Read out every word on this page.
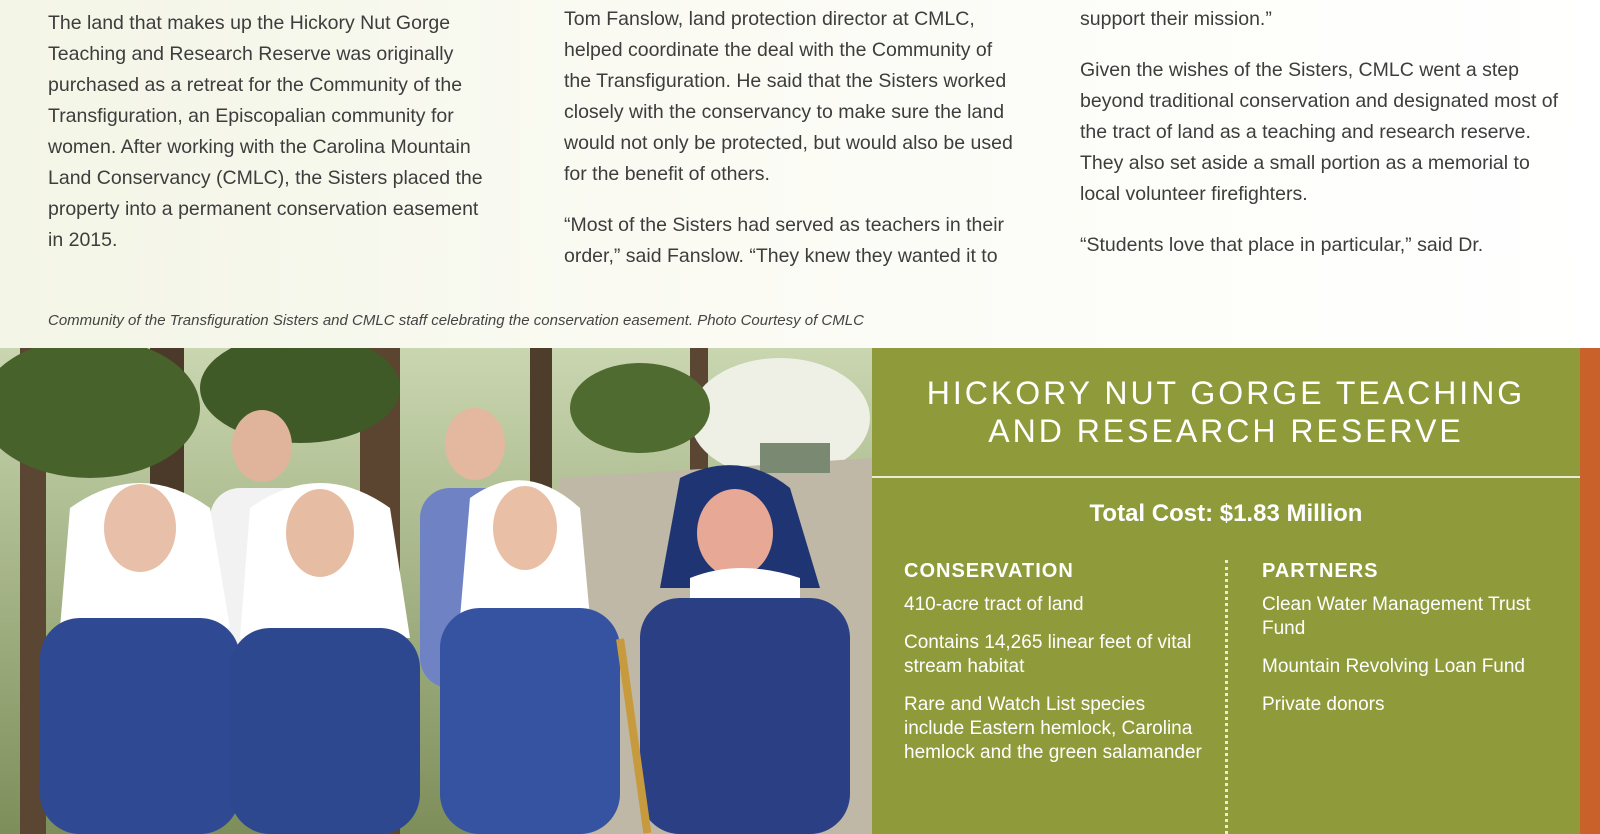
The land that makes up the Hickory Nut Gorge Teaching and Research Reserve was originally purchased as a retreat for the Community of the Transfiguration, an Episcopalian community for women. After working with the Carolina Mountain Land Conservancy (CMLC), the Sisters placed the property into a permanent conservation easement in 2015.

Tom Fanslow, land protection director at CMLC, helped coordinate the deal with the Community of the Transfiguration. He said that the Sisters worked closely with the conservancy to make sure the land would not only be protected, but would also be used for the benefit of others.

“Most of the Sisters had served as teachers in their order,” said Fanslow. “They knew they wanted it to

support their mission.”

Given the wishes of the Sisters, CMLC went a step beyond traditional conservation and designated most of the tract of land as a teaching and research reserve. They also set aside a small portion as a memorial to local volunteer firefighters.

“Students love that place in particular,” said Dr.

Community of the Transfiguration Sisters and CMLC staff celebrating the conservation easement. Photo Courtesy of CMLC
HICKORY NUT GORGE TEACHING
AND RESEARCH RESERVE
Total Cost: $1.83 Million
CONSERVATION
410-acre tract of land
Contains 14,265 linear feet of vital stream habitat
Rare and Watch List species include Eastern hemlock, Carolina hemlock and the green salamander
PARTNERS
Clean Water Management Trust Fund
Mountain Revolving Loan Fund
Private donors
